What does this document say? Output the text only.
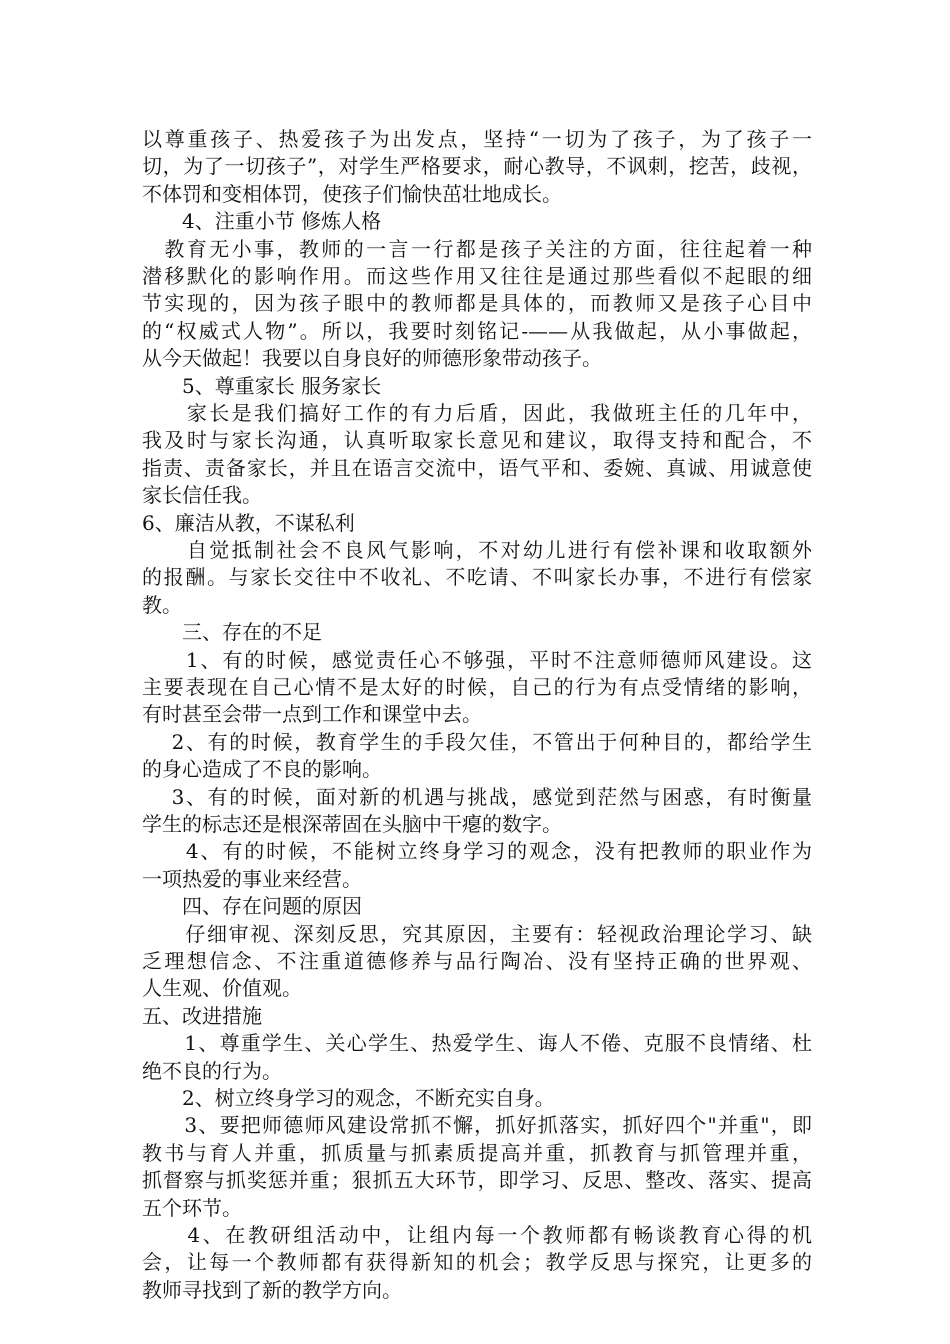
以尊重孩子、热爱孩子为出发点，坚持“一切为了孩子，为了孩子一
切，为了一切孩子”，对学生严格要求，耐心教导，不讽刺，挖苦，歧视，
不体罚和变相体罚，使孩子们愉快茁壮地成长。
　　4、注重小节 修炼人格
　教育无小事，教师的一言一行都是孩子关注的方面，往往起着一种
潜移默化的影响作用。而这些作用又往往是通过那些看似不起眼的细
节实现的，因为孩子眼中的教师都是具体的，而教师又是孩子心目中
的“权威式人物”。所以，我要时刻铭记-——从我做起，从小事做起，
从今天做起！我要以自身良好的师德形象带动孩子。
　　5、尊重家长 服务家长
　　家长是我们搞好工作的有力后盾，因此，我做班主任的几年中，
我及时与家长沟通，认真听取家长意见和建议，取得支持和配合，不
指责、责备家长，并且在语言交流中，语气平和、委婉、真诚、用诚意使
家长信任我。
6、廉洁从教，不谋私利
　　自觉抵制社会不良风气影响，不对幼儿进行有偿补课和收取额外
的报酬。与家长交往中不收礼、不吃请、不叫家长办事，不进行有偿家
教。
　　三、存在的不足
　　1、有的时候，感觉责任心不够强，平时不注意师德师风建设。这
主要表现在自己心情不是太好的时候，自己的行为有点受情绪的影响，
有时甚至会带一点到工作和课堂中去。
　 2、有的时候，教育学生的手段欠佳，不管出于何种目的，都给学生
的身心造成了不良的影响。
　 3、有的时候，面对新的机遇与挑战，感觉到茫然与困惑，有时衡量
学生的标志还是根深蒂固在头脑中干瘪的数字。
　　4、有的时候，不能树立终身学习的观念，没有把教师的职业作为
一项热爱的事业来经营。
　　四、存在问题的原因
　　仔细审视、深刻反思，究其原因，主要有：轻视政治理论学习、缺
乏理想信念、不注重道德修养与品行陶冶、没有坚持正确的世界观、
人生观、价值观。
五、改进措施
　　1、尊重学生、关心学生、热爱学生、诲人不倦、克服不良情绪、杜
绝不良的行为。
　　2、树立终身学习的观念，不断充实自身。
　　3、要把师德师风建设常抓不懈，抓好抓落实，抓好四个"并重"，即
教书与育人并重，抓质量与抓素质提高并重，抓教育与抓管理并重，
抓督察与抓奖惩并重；狠抓五大环节，即学习、反思、整改、落实、提高
五个环节。
　　4、在教研组活动中，让组内每一个教师都有畅谈教育心得的机
会，让每一个教师都有获得新知的机会；教学反思与探究，让更多的
教师寻找到了新的教学方向。
